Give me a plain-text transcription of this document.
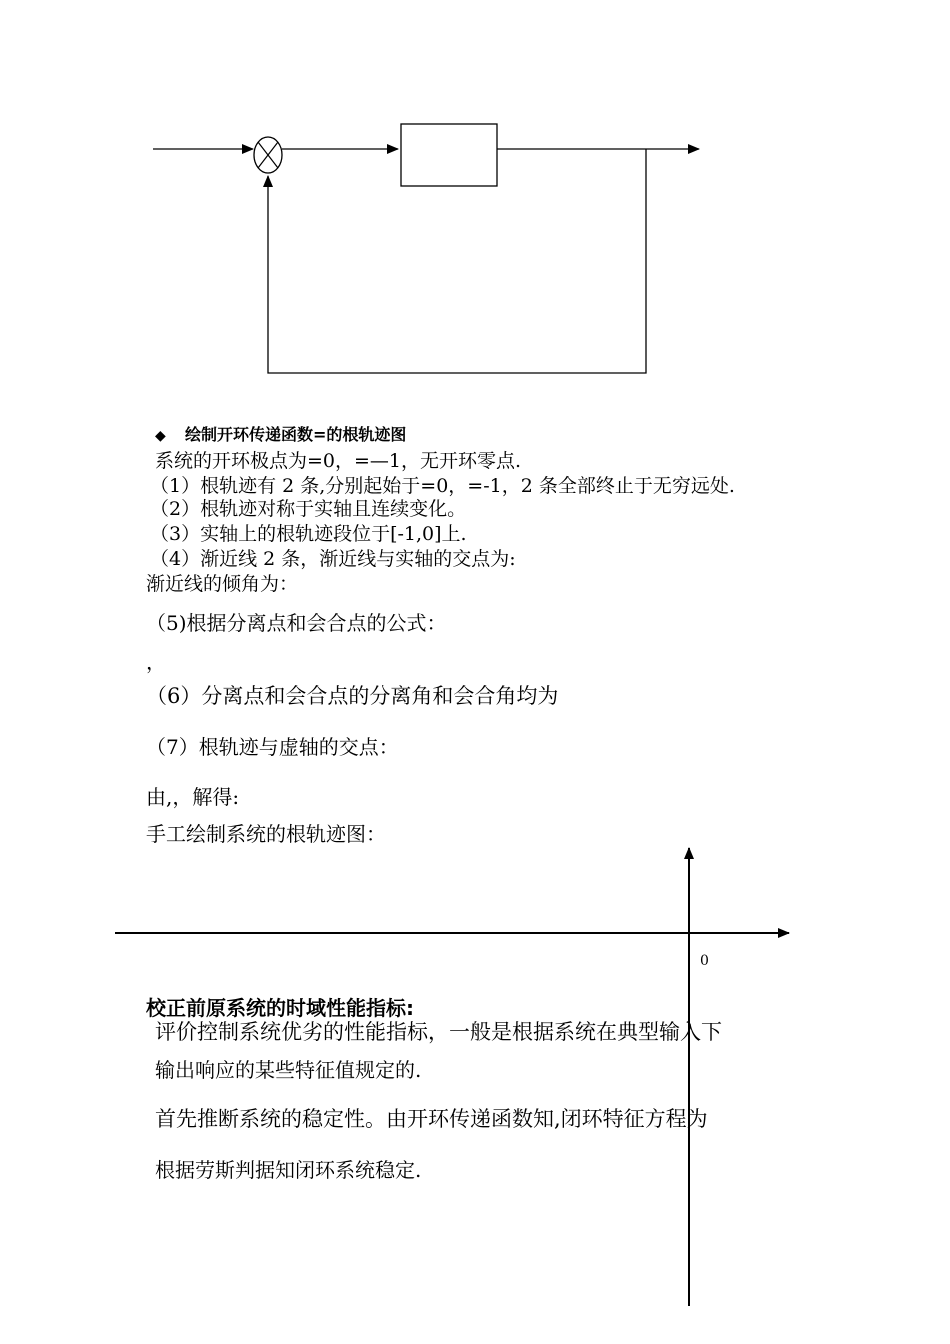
◆ 绘制开环传递函数=的根轨迹图
系统的开环极点为=0，=—1，无开环零点.
（1）根轨迹有 2 条,分别起始于=0，=-1，2 条全部终止于无穷远处.
（2）根轨迹对称于实轴且连续变化。
（3）实轴上的根轨迹段位于[-1,0]上.
（4）渐近线 2 条，渐近线与实轴的交点为:
渐近线的倾角为：
（5)根据分离点和会合点的公式：
，
（6）分离点和会合点的分离角和会合角均为
（7）根轨迹与虚轴的交点：
由,，解得:
手工绘制系统的根轨迹图：
0
校正前原系统的时域性能指标:
评价控制系统优劣的性能指标，一般是根据系统在典型输入下
输出响应的某些特征值规定的.
首先推断系统的稳定性。由开环传递函数知,闭环特征方程为
根据劳斯判据知闭环系统稳定.
